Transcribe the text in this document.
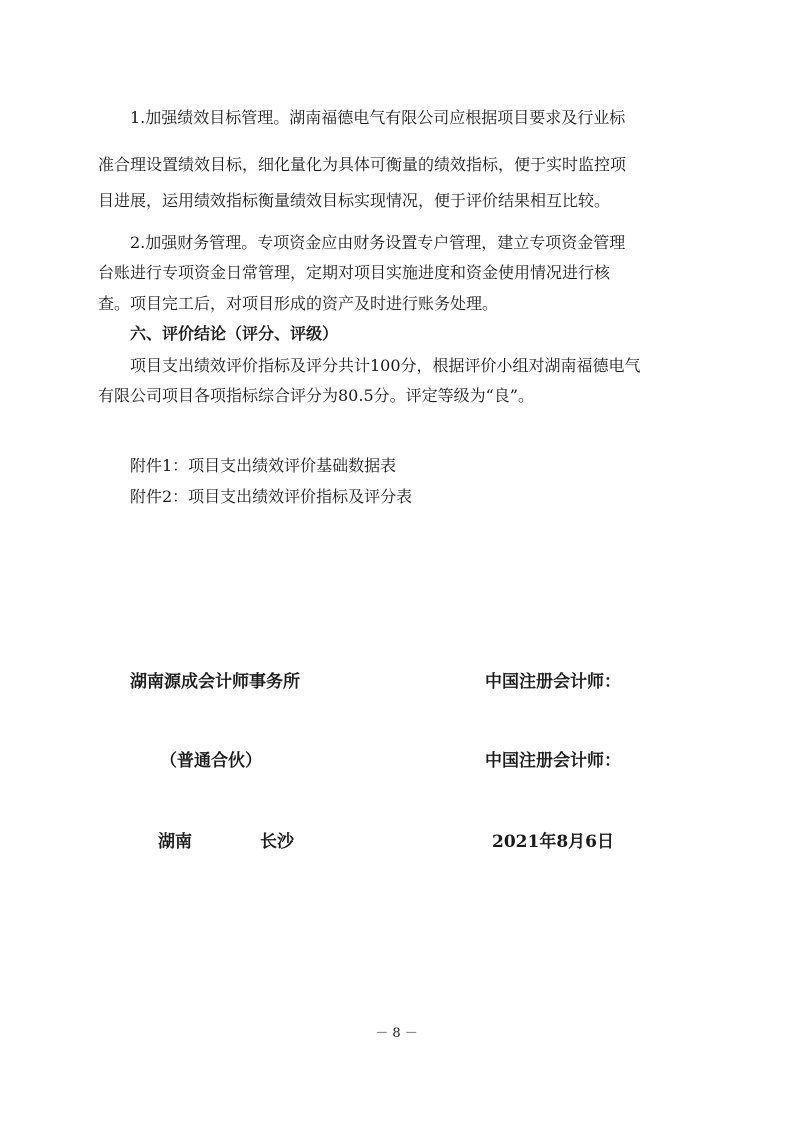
1.加强绩效目标管理。湖南福德电气有限公司应根据项目要求及行业标
准合理设置绩效目标，细化量化为具体可衡量的绩效指标，便于实时监控项
目进展，运用绩效指标衡量绩效目标实现情况，便于评价结果相互比较。
2.加强财务管理。专项资金应由财务设置专户管理，建立专项资金管理
台账进行专项资金日常管理，定期对项目实施进度和资金使用情况进行核
查。项目完工后，对项目形成的资产及时进行账务处理。
六、评价结论（评分、评级）
项目支出绩效评价指标及评分共计100分，根据评价小组对湖南福德电气
有限公司项目各项指标综合评分为80.5分。评定等级为“良”。
附件1：项目支出绩效评价基础数据表
附件2：项目支出绩效评价指标及评分表
湖南源成会计师事务所	中国注册会计师：
（普通合伙）	中国注册会计师：
湖南	长沙	2021年8月6日
－ 8 －
